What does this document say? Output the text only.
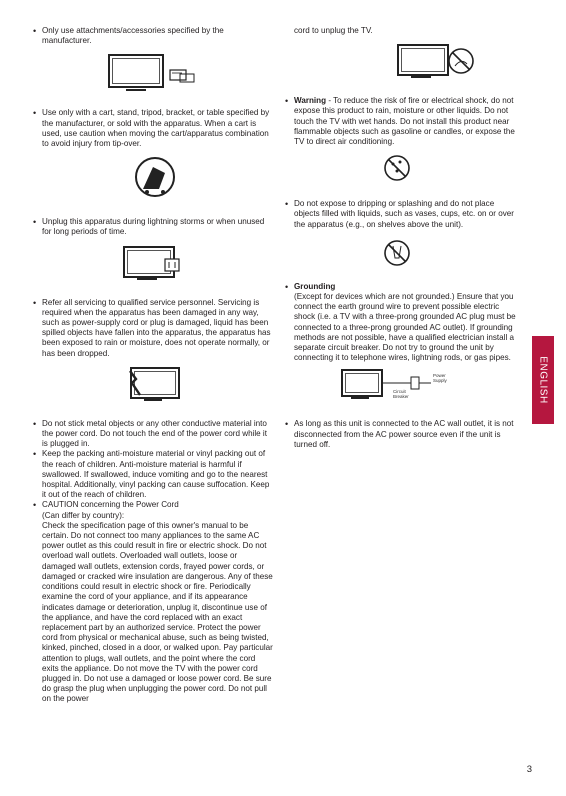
• Only use attachments/accessories specified by the manufacturer.
• Use only with a cart, stand, tripod, bracket, or table specified by the manufacturer, or sold with the apparatus. When a cart is used, use caution when moving the cart/apparatus combination to avoid injury from tip-over.
• Unplug this apparatus during lightning storms or when unused for long periods of time.
• Refer all servicing to qualified service personnel. Servicing is required when the apparatus has been damaged in any way, such as power-supply cord or plug is damaged, liquid has been spilled objects have fallen into the apparatus, the apparatus has been exposed to rain or moisture, does not operate normally, or has been dropped.
• Do not stick metal objects or any other conductive material into the power cord. Do not touch the end of the power cord while it is plugged in.
• Keep the packing anti-moisture material or vinyl packing out of the reach of children. Anti-moisture material is harmful if swallowed. If swallowed, induce vomiting and go to the nearest hospital. Additionally, vinyl packing can cause suffocation. Keep it out of the reach of children.
• CAUTION concerning the Power Cord
(Can differ by country):
Check the specification page of this owner's manual to be certain. Do not connect too many appliances to the same AC power outlet as this could result in fire or electric shock. Do not overload wall outlets. Overloaded wall outlets, loose or damaged wall outlets, extension cords, frayed power cords, or damaged or cracked wire insulation are dangerous. Any of these conditions could result in electric shock or fire. Periodically examine the cord of your appliance, and if its appearance indicates damage or deterioration, unplug it, discontinue use of the appliance, and have the cord replaced with an exact replacement part by an authorized service. Protect the power cord from physical or mechanical abuse, such as being twisted, kinked, pinched, closed in a door, or walked upon. Pay particular attention to plugs, wall outlets, and the point where the cord exits the appliance. Do not move the TV with the power cord plugged in. Do not use a damaged or loose power cord. Be sure do grasp the plug when unplugging the power cord. Do not pull on the power
cord to unplug the TV.
• Warning - To reduce the risk of fire or electrical shock, do not expose this product to rain, moisture or other liquids. Do not touch the TV with wet hands. Do not install this product near flammable objects such as gasoline or candles, or expose the TV to direct air conditioning.
• Do not expose to dripping or splashing and do not place objects filled with liquids, such as vases, cups, etc. on or over the apparatus (e.g., on shelves above the unit).
• Grounding
(Except for devices which are not grounded.) Ensure that you connect the earth ground wire to prevent possible electric shock (i.e. a TV with a three-prong grounded AC plug must be connected to a three-prong grounded AC outlet). If grounding methods are not possible, have a qualified electrician install a separate circuit breaker. Do not try to ground the unit by connecting it to telephone wires, lightning rods, or gas pipes.
Power Supply
Circuit Breaker
• As long as this unit is connected to the AC wall outlet, it is not disconnected from the AC power source even if the unit is turned off.
ENGLISH
3
